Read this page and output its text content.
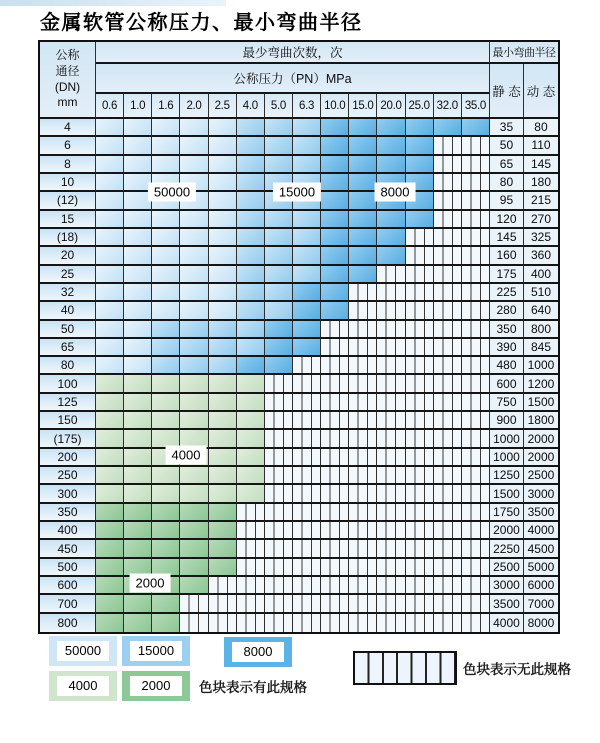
金属软管公称压力、最小弯曲半径
公称
通径
(DN)
mm
最少弯曲次数，次	最小弯曲半径
公称压力（PN）MPa
静 态 动 态
0.6	1.0	1.6	2.0	2.5	4.0	5.0	6.3 10.0 15.0 20.0 25.0 32.0 35.0
4	35	80
6	50	110
8	65	145
10	80	180
(12)	95	215
15	120	270
(18)	145	325
20	160	360
25	175	400
32	225	510
40	280	640
50	350	800
65	390	845
80	480 1000
100	600 1200
125	750 1500
150	900 1800
(175)	1000 2000
200	1000 2000
250	1250 2500
300	1500 3000
350	1750 3500
400	2000 4000
450	2250 4500
500	2500 5000
600	3000 6000
700	3500 7000
800	4000 8000
50000	15000	8000
4000
2000
50000	15000	8000
4000	2000	色块表示有此规格
色块表示无此规格
